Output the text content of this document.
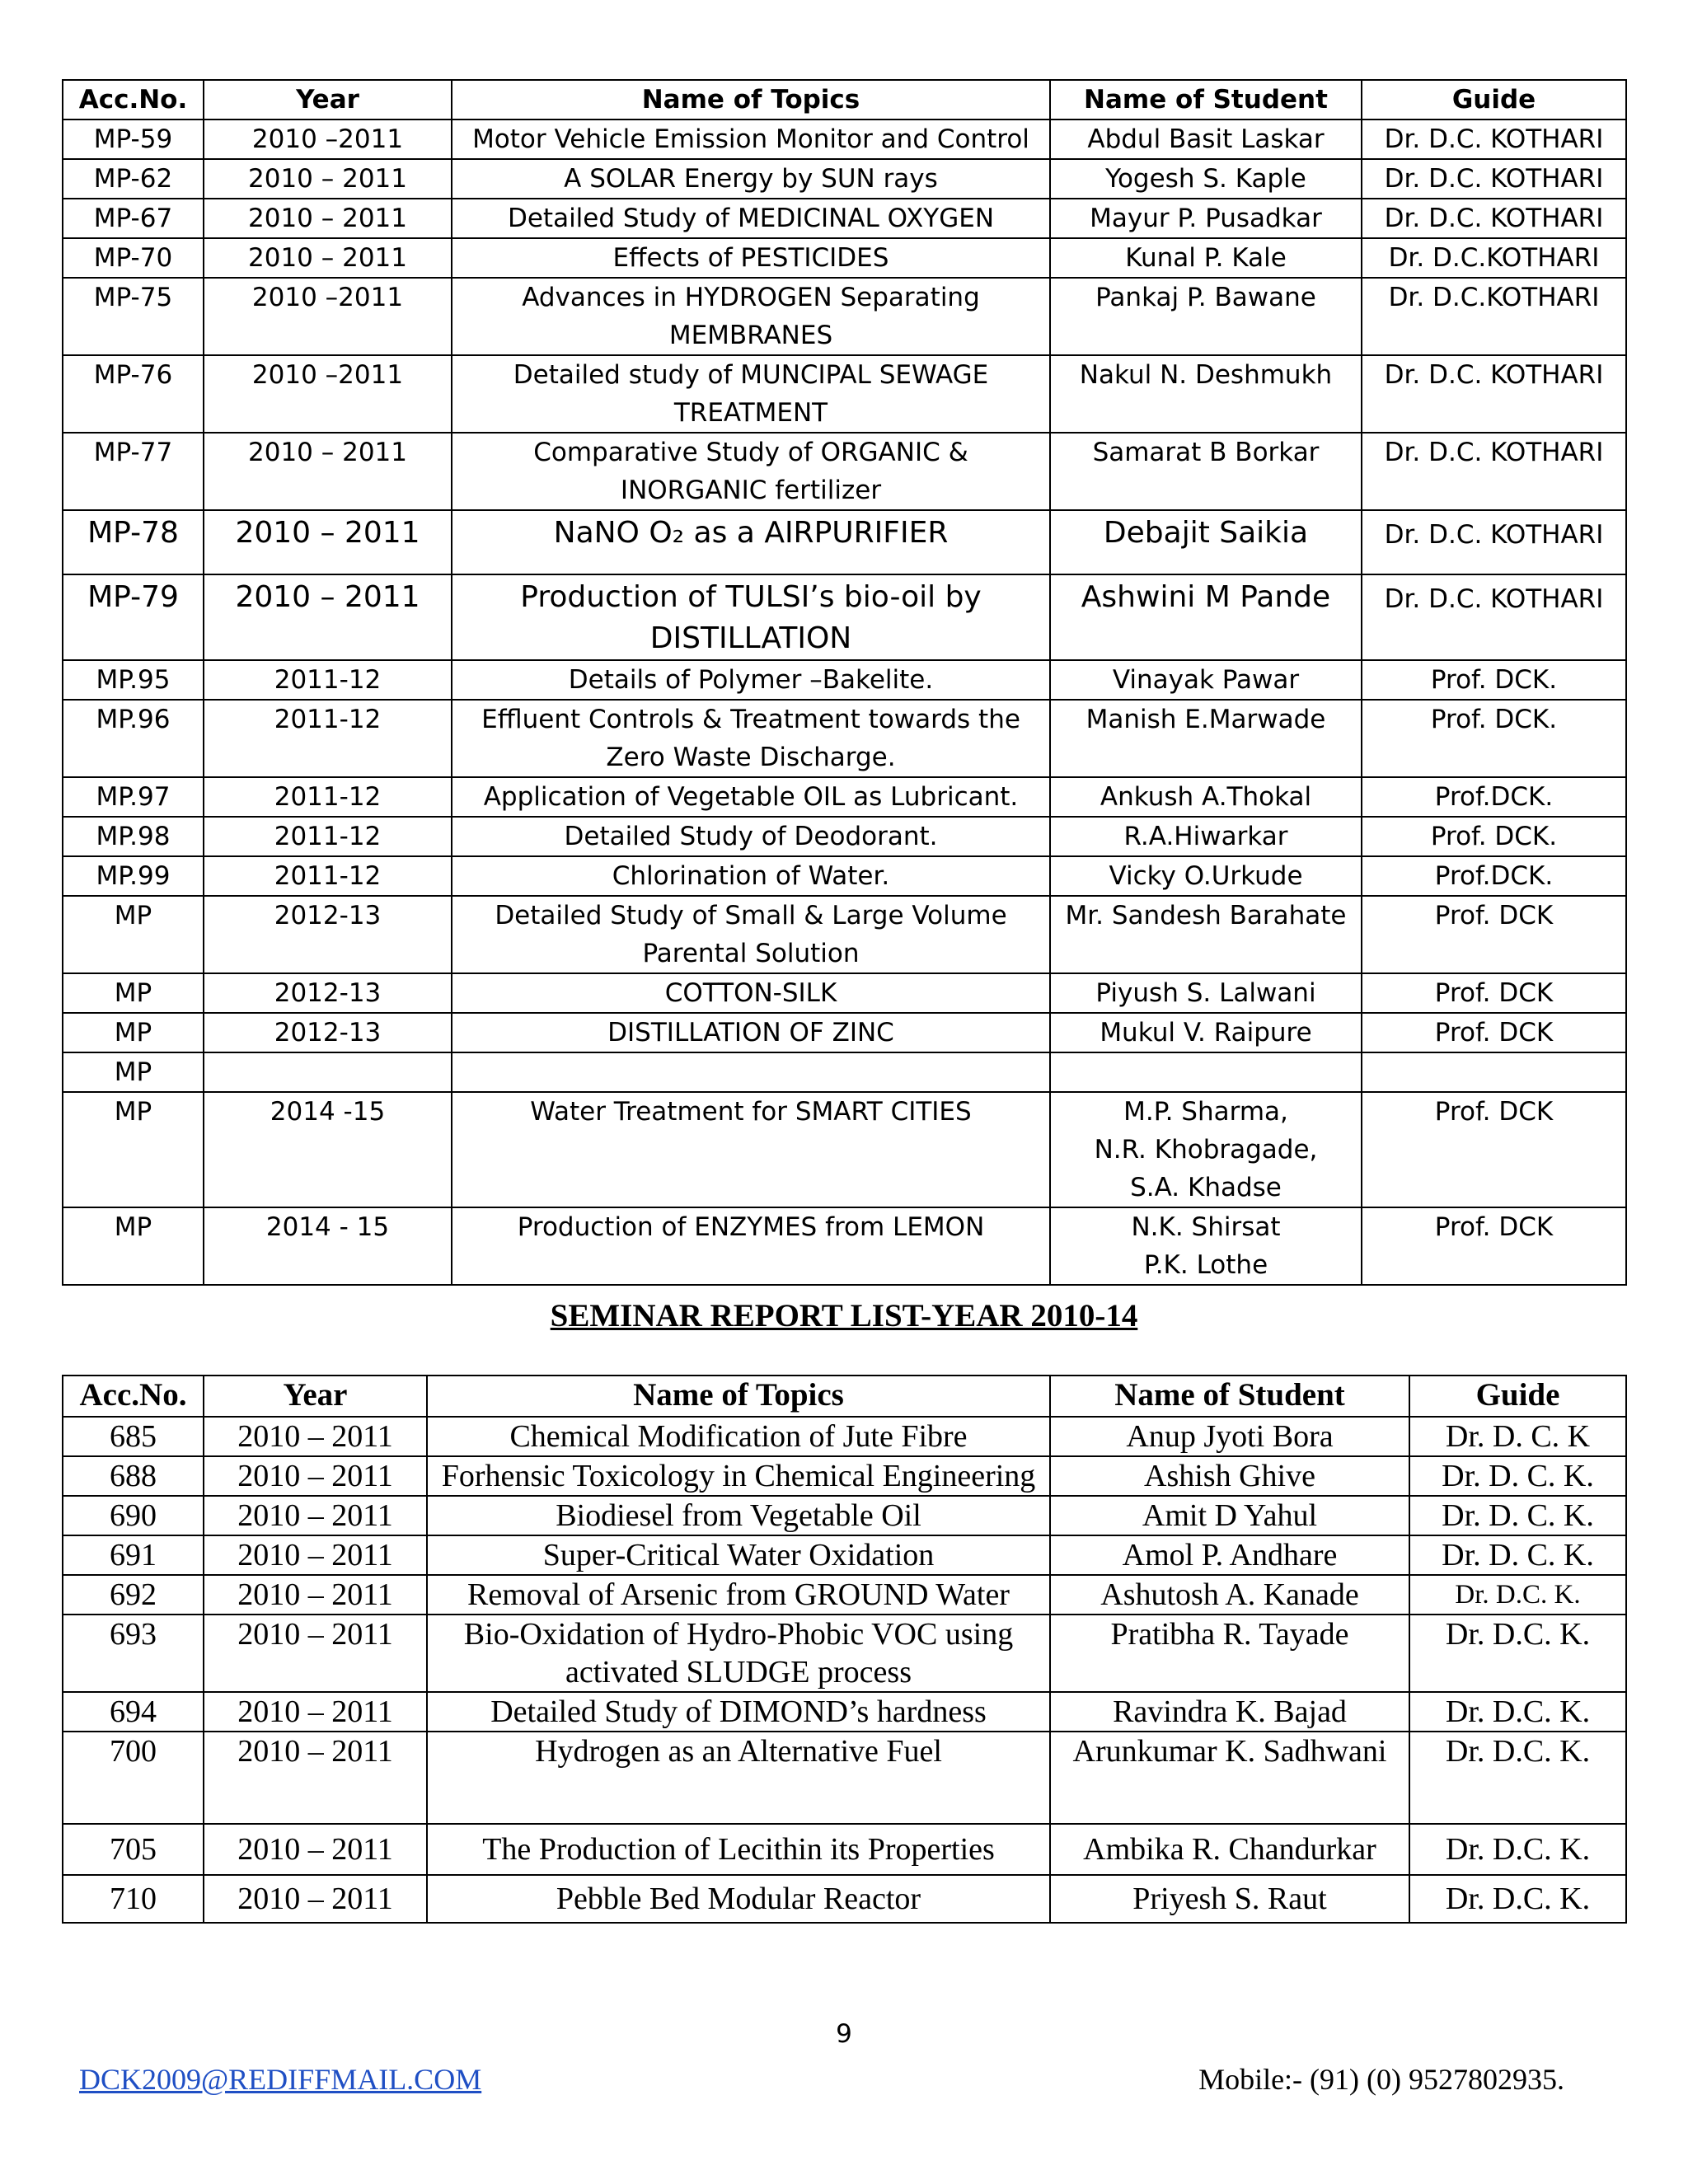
Acc.No.	Year	Name of Topics	Name of Student	Guide
MP-59	2010 –2011	Motor Vehicle Emission Monitor and Control	Abdul Basit Laskar	Dr. D.C. KOTHARI
MP-62	2010 – 2011	A SOLAR Energy by SUN rays	Yogesh S. Kaple	Dr. D.C. KOTHARI
MP-67	2010 – 2011	Detailed Study of MEDICINAL OXYGEN	Mayur P. Pusadkar	Dr. D.C. KOTHARI
MP-70	2010 – 2011	Effects of PESTICIDES	Kunal P. Kale	Dr. D.C.KOTHARI
MP-75	2010 –2011	Advances in HYDROGEN Separating MEMBRANES	Pankaj P. Bawane	Dr. D.C.KOTHARI
MP-76	2010 –2011	Detailed study of MUNCIPAL SEWAGE TREATMENT	Nakul N. Deshmukh	Dr. D.C. KOTHARI
MP-77	2010 – 2011	Comparative Study of ORGANIC & INORGANIC fertilizer	Samarat B Borkar	Dr. D.C. KOTHARI
MP-78	2010 – 2011	NaNO O₂ as a AIRPURIFIER	Debajit Saikia	Dr. D.C. KOTHARI
MP-79	2010 – 2011	Production of TULSI’s bio-oil by DISTILLATION	Ashwini M Pande	Dr. D.C. KOTHARI
MP.95	2011-12	Details of Polymer –Bakelite.	Vinayak Pawar	Prof. DCK.
MP.96	2011-12	Effluent Controls & Treatment towards the Zero Waste Discharge.	Manish E.Marwade	Prof. DCK.
MP.97	2011-12	Application of Vegetable OIL as Lubricant.	Ankush A.Thokal	Prof.DCK.
MP.98	2011-12	Detailed Study of Deodorant.	R.A.Hiwarkar	Prof. DCK.
MP.99	2011-12	Chlorination of Water.	Vicky O.Urkude	Prof.DCK.
MP	2012-13	Detailed Study of Small & Large Volume Parental Solution	Mr. Sandesh Barahate	Prof. DCK
MP	2012-13	COTTON-SILK	Piyush S. Lalwani	Prof. DCK
MP	2012-13	DISTILLATION OF ZINC	Mukul V. Raipure	Prof. DCK
MP				
MP	2014 -15	Water Treatment for SMART CITIES	M.P. Sharma,
N.R. Khobragade,
S.A. Khadse	Prof. DCK
MP	2014 - 15	Production of ENZYMES from LEMON	N.K. Shirsat
P.K. Lothe	Prof. DCK
SEMINAR REPORT LIST-YEAR 2010-14
Acc.No.	Year	Name of Topics	Name of Student	Guide
685	2010 – 2011	Chemical Modification of Jute Fibre	Anup Jyoti Bora	Dr. D. C. K
688	2010 – 2011	Forhensic Toxicology in Chemical Engineering	Ashish Ghive	Dr. D. C. K.
690	2010 – 2011	Biodiesel from Vegetable Oil	Amit D Yahul	Dr. D. C. K.
691	2010 – 2011	Super-Critical Water Oxidation	Amol P. Andhare	Dr. D. C. K.
692	2010 – 2011	Removal of Arsenic from GROUND Water	Ashutosh A. Kanade	Dr. D.C. K.
693	2010 – 2011	Bio-Oxidation of Hydro-Phobic VOC using activated SLUDGE process	Pratibha R. Tayade	Dr. D.C. K.
694	2010 – 2011	Detailed Study of DIMOND’s hardness	Ravindra K. Bajad	Dr. D.C. K.
700	2010 – 2011	Hydrogen as an Alternative Fuel	Arunkumar K. Sadhwani	Dr. D.C. K.
705	2010 – 2011	The Production of Lecithin its Properties	Ambika R. Chandurkar	Dr. D.C. K.
710	2010 – 2011	Pebble Bed Modular Reactor	Priyesh S. Raut	Dr. D.C. K.
9
DCK2009@REDIFFMAIL.COM	Mobile:- (91) (0) 9527802935.
